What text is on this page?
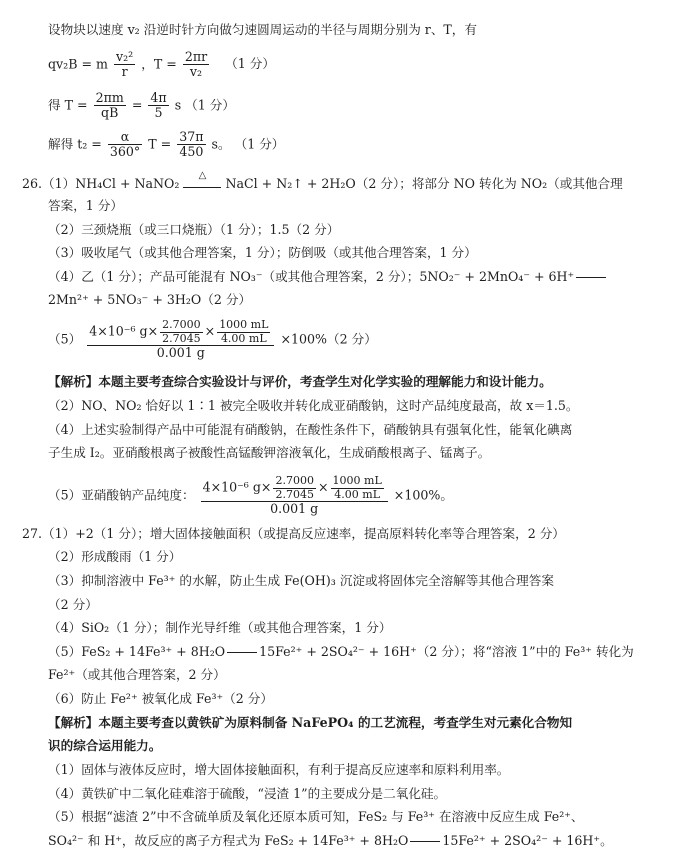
设物块以速度 v₂ 沿逆时针方向做匀速圆周运动的半径与周期分别为 r、T，有
qv₂B = m $\frac{\text{v₂²}}{r}$ ，$T = \frac{2\pi r}{\text{v₂}} (1$ 分）
得 $T = \frac{2\pi m}{qB} = \frac{4\pi}{5}$ s （1 分）
解得 $t_2 = \frac{\alpha}{360^\circ}$ $T = \frac{37\pi}{450}$ s。 （1 分）
26.（1）NH₄Cl + NaNO₂
△
NaCl + N₂↑ + 2H₂O（2 分）；将部分 NO 转化为 NO₂（或其他合理
答案，1 分）
（2）三颈烧瓶（或三口烧瓶）（1 分）；1.5（2 分）
（3）吸收尾气（或其他合理答案，1 分）；防倒吸（或其他合理答案，1 分）
（4）乙（1 分）；产品可能混有 NO₃⁻（或其他合理答案，2 分）；5NO₂⁻ + 2MnO₄⁻ + 6H⁺
2Mn²⁺ + 5NO₃⁻ + 3H₂O（2 分）
$(5) \frac{4\times 10^{-6} g\times \frac{2.7000}{2.7045} \times \frac{1000 mL}{4.00 mL}}{0.001 g} \times 100\%(2$ 分）
【解析】本题主要考查综合实验设计与评价，考查学生对化学实验的理解能力和设计能力。
（2）NO、NO₂ 恰好以 1∶1 被完全吸收并转化成亚硝酸钠，这时产品纯度最高，故 x＝1.5。
（4）上述实验制得产品中可能混有硝酸钠，在酸性条件下，硝酸钠具有强氧化性，能氧化碘离
子生成 I₂。亚硝酸根离子被酸性高锰酸钾溶液氧化，生成硝酸根离子、锰离子。
（5）亚硝酸钠产品纯度： $\frac{4\times 10^{-6} g\times \frac{2.7000}{2.7045} \times \frac{1000 mL}{4.00 mL}}{0.001 g} \times 100\%$。
27.（1）+2（1 分）；增大固体接触面积（或提高反应速率，提高原料转化率等合理答案，2 分）
（2）形成酸雨（1 分）
（3）抑制溶液中 Fe³⁺ 的水解，防止生成 Fe(OH)₃ 沉淀或将固体完全溶解等其他合理答案
（2 分）
（4）SiO₂（1 分）；制作光导纤维（或其他合理答案，1 分）
（5）FeS₂ + 14Fe³⁺ + 8H₂O	15Fe²⁺ + 2SO₄²⁻ + 16H⁺（2 分）；将“溶液 1”中的 Fe³⁺ 转化为
Fe²⁺（或其他合理答案，2 分）
（6）防止 Fe²⁺ 被氧化成 Fe³⁺（2 分）
【解析】本题主要考查以黄铁矿为原料制备 NaFePO₄ 的工艺流程，考查学生对元素化合物知
识的综合运用能力。
（1）固体与液体反应时，增大固体接触面积，有利于提高反应速率和原料利用率。
（4）黄铁矿中二氧化硅难溶于硫酸，“浸渣 1”的主要成分是二氧化硅。
（5）根据“滤渣 2”中不含硫单质及氧化还原本质可知，FeS₂ 与 Fe³⁺ 在溶液中反应生成 Fe²⁺、
SO₄²⁻ 和 H⁺，故反应的离子方程式为 FeS₂ + 14Fe³⁺ + 8H₂O	15Fe²⁺ + 2SO₄²⁻ + 16H⁺。
